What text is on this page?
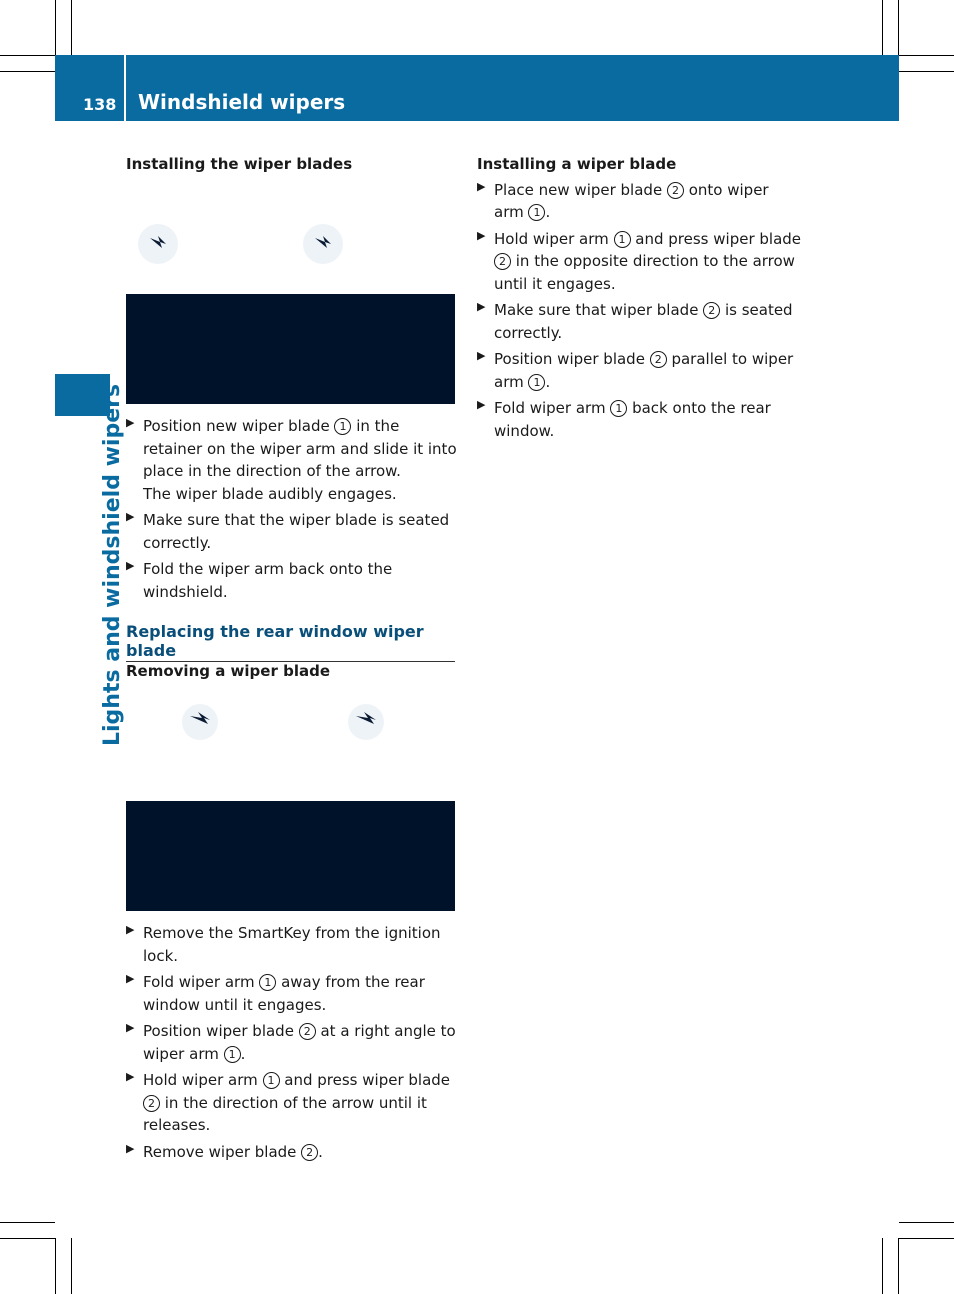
138 Windshield wipers
Lights and windshield wipers

Installing the wiper blades

▶ Position new wiper blade 1 in the retainer on the wiper arm and slide it into place in the direction of the arrow.
The wiper blade audibly engages.
▶ Make sure that the wiper blade is seated correctly.
▶ Fold the wiper arm back onto the windshield.
Replacing the rear window wiper blade

Removing a wiper blade

▶ Remove the SmartKey from the ignition lock.
▶ Fold wiper arm 1 away from the rear window until it engages.
▶ Position wiper blade 2 at a right angle to wiper arm 1 .
▶ Hold wiper arm 1 and press wiper blade 2 in the direction of the arrow until it releases.
▶ Remove wiper blade 2 .

Installing a wiper blade

▶ Place new wiper blade 2 onto wiper arm 1 .
▶ Hold wiper arm 1 and press wiper blade 2 in the opposite direction to the arrow until it engages.
▶ Make sure that wiper blade 2 is seated correctly.
▶ Position wiper blade 2 parallel to wiper arm 1 .
▶ Fold wiper arm 1 back onto the rear window.
